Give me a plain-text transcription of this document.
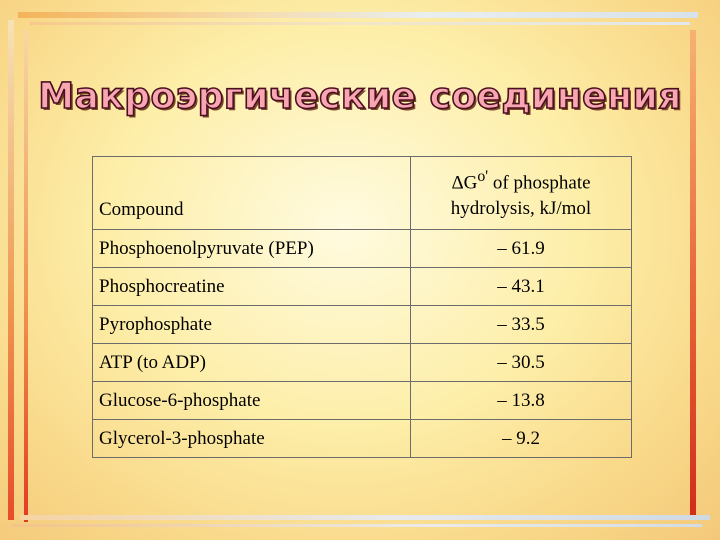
Макроэргические соединения
Compound	$\Delta G^{o'}$ of phosphate
hydrolysis, kJ/mol
Phosphoenolpyruvate (PEP)	– 61.9
Phosphocreatine	– 43.1
Pyrophosphate	– 33.5
ATP (to ADP)	– 30.5
Glucose-6-phosphate	– 13.8
Glycerol-3-phosphate	– 9.2
